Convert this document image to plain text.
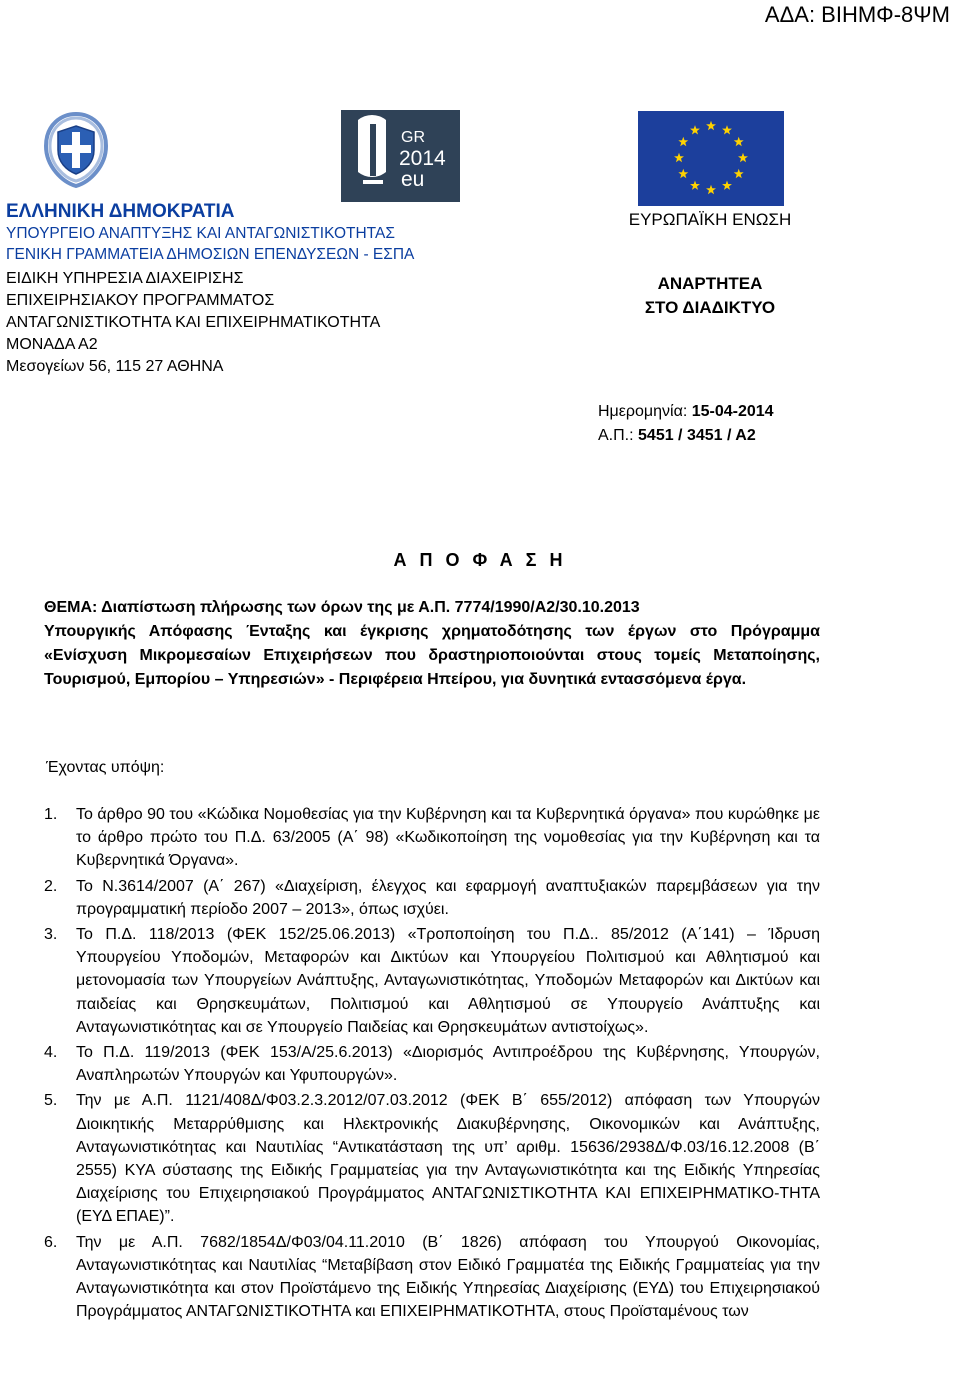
ΑΔΑ: ΒΙΗΜΦ-8ΨΜ
GR
2014
eu
ΕΛΛΗΝΙΚΗ ΔΗΜΟΚΡΑΤΙΑ
ΥΠΟΥΡΓΕΙΟ ΑΝΑΠΤΥΞΗΣ ΚΑΙ ΑΝΤΑΓΩΝΙΣΤΙΚΟΤΗΤΑΣ
ΓΕΝΙΚΗ ΓΡΑΜΜΑΤΕΙΑ ΔΗΜΟΣΙΩΝ ΕΠΕΝΔΥΣΕΩΝ - ΕΣΠΑ
ΕΙΔΙΚΗ ΥΠΗΡΕΣΙΑ ΔΙΑΧΕΙΡΙΣΗΣ
ΕΠΙΧΕΙΡΗΣΙΑΚΟΥ ΠΡΟΓΡΑΜΜΑΤΟΣ
ΑΝΤΑΓΩΝΙΣΤΙΚΟΤΗΤΑ ΚΑΙ ΕΠΙΧΕΙΡΗΜΑΤΙΚΟΤΗΤΑ
ΜΟΝΑΔΑ Α2
Μεσογείων 56, 115 27 ΑΘΗΝΑ
ΕΥΡΩΠΑΪΚΗ ΕΝΩΣΗ
ΑΝΑΡΤΗΤΕΑ
ΣΤΟ ΔΙΑΔΙΚΤΥΟ
Ημερομηνία: 15-04-2014
Α.Π.: 5451 / 3451 / Α2
Α Π Ο Φ Α Σ Η
ΘΕΜΑ: Διαπίστωση πλήρωσης των όρων της με Α.Π. 7774/1990/Α2/30.10.2013
Υπουργικής Απόφασης Ένταξης και έγκρισης χρηματοδότησης των έργων στο Πρόγραμμα «Ενίσχυση Μικρομεσαίων Επιχειρήσεων που δραστηριοποιούνται στους τομείς Μεταποίησης, Τουρισμού, Εμπορίου – Υπηρεσιών» - Περιφέρεια Ηπείρου, για δυνητικά εντασσόμενα έργα.
Έχοντας υπόψη:
1.	Το άρθρο 90 του «Κώδικα Νομοθεσίας για την Κυβέρνηση και τα Κυβερνητικά όργανα» που κυρώθηκε με το άρθρο πρώτο του Π.Δ. 63/2005 (Α΄ 98) «Κωδικοποίηση της νομοθεσίας για την Κυβέρνηση και τα Κυβερνητικά Όργανα».
2.	Το Ν.3614/2007 (Α΄ 267) «Διαχείριση, έλεγχος και εφαρμογή αναπτυξιακών παρεμβάσεων για την προγραμματική περίοδο 2007 – 2013», όπως ισχύει.
3.	Το Π.Δ. 118/2013 (ΦΕΚ 152/25.06.2013) «Τροποποίηση του Π.Δ.. 85/2012 (Α΄141) – Ίδρυση Υπουργείου Υποδομών, Μεταφορών και Δικτύων και Υπουργείου Πολιτισμού και Αθλητισμού και μετονομασία των Υπουργείων Ανάπτυξης, Ανταγωνιστικότητας, Υποδομών Μεταφορών και Δικτύων και παιδείας και Θρησκευμάτων, Πολιτισμού και Αθλητισμού σε Υπουργείο Ανάπτυξης και Ανταγωνιστικότητας και σε Υπουργείο Παιδείας και Θρησκευμάτων αντιστοίχως».
4.	Το Π.Δ. 119/2013 (ΦΕΚ 153/Α/25.6.2013) «Διορισμός Αντιπροέδρου της Κυβέρνησης, Υπουργών, Αναπληρωτών Υπουργών και Υφυπουργών».
5.	Την με Α.Π. 1121/408Δ/Φ03.2.3.2012/07.03.2012 (ΦΕΚ Β΄ 655/2012) απόφαση των Υπουργών Διοικητικής Μεταρρύθμισης και Ηλεκτρονικής Διακυβέρνησης, Οικονομικών και Ανάπτυξης, Ανταγωνιστικότητας και Ναυτιλίας “Αντικατάσταση της υπ’ αριθμ. 15636/2938Δ/Φ.03/16.12.2008 (Β΄ 2555) ΚΥΑ σύστασης της Ειδικής Γραμματείας για την Ανταγωνιστικότητα και της Ειδικής Υπηρεσίας Διαχείρισης του Επιχειρησιακού Προγράμματος ΑΝΤΑΓΩΝΙΣΤΙΚΟΤΗΤΑ ΚΑΙ ΕΠΙΧΕΙΡΗΜΑΤΙΚΟ-ΤΗΤΑ (ΕΥΔ ΕΠΑΕ)”.
6.	Την με Α.Π. 7682/1854Δ/Φ03/04.11.2010 (Β΄ 1826) απόφαση του Υπουργού Οικονομίας, Ανταγωνιστικότητας και Ναυτιλίας “Μεταβίβαση στον Ειδικό Γραμματέα της Ειδικής Γραμματείας για την Ανταγωνιστικότητα και στον Προϊστάμενο της Ειδικής Υπηρεσίας Διαχείρισης (ΕΥΔ) του Επιχειρησιακού Προγράμματος ΑΝΤΑΓΩΝΙΣΤΙΚΟΤΗΤΑ και ΕΠΙΧΕΙΡΗΜΑΤΙΚΟΤΗΤΑ, στους Προϊσταμένους των
